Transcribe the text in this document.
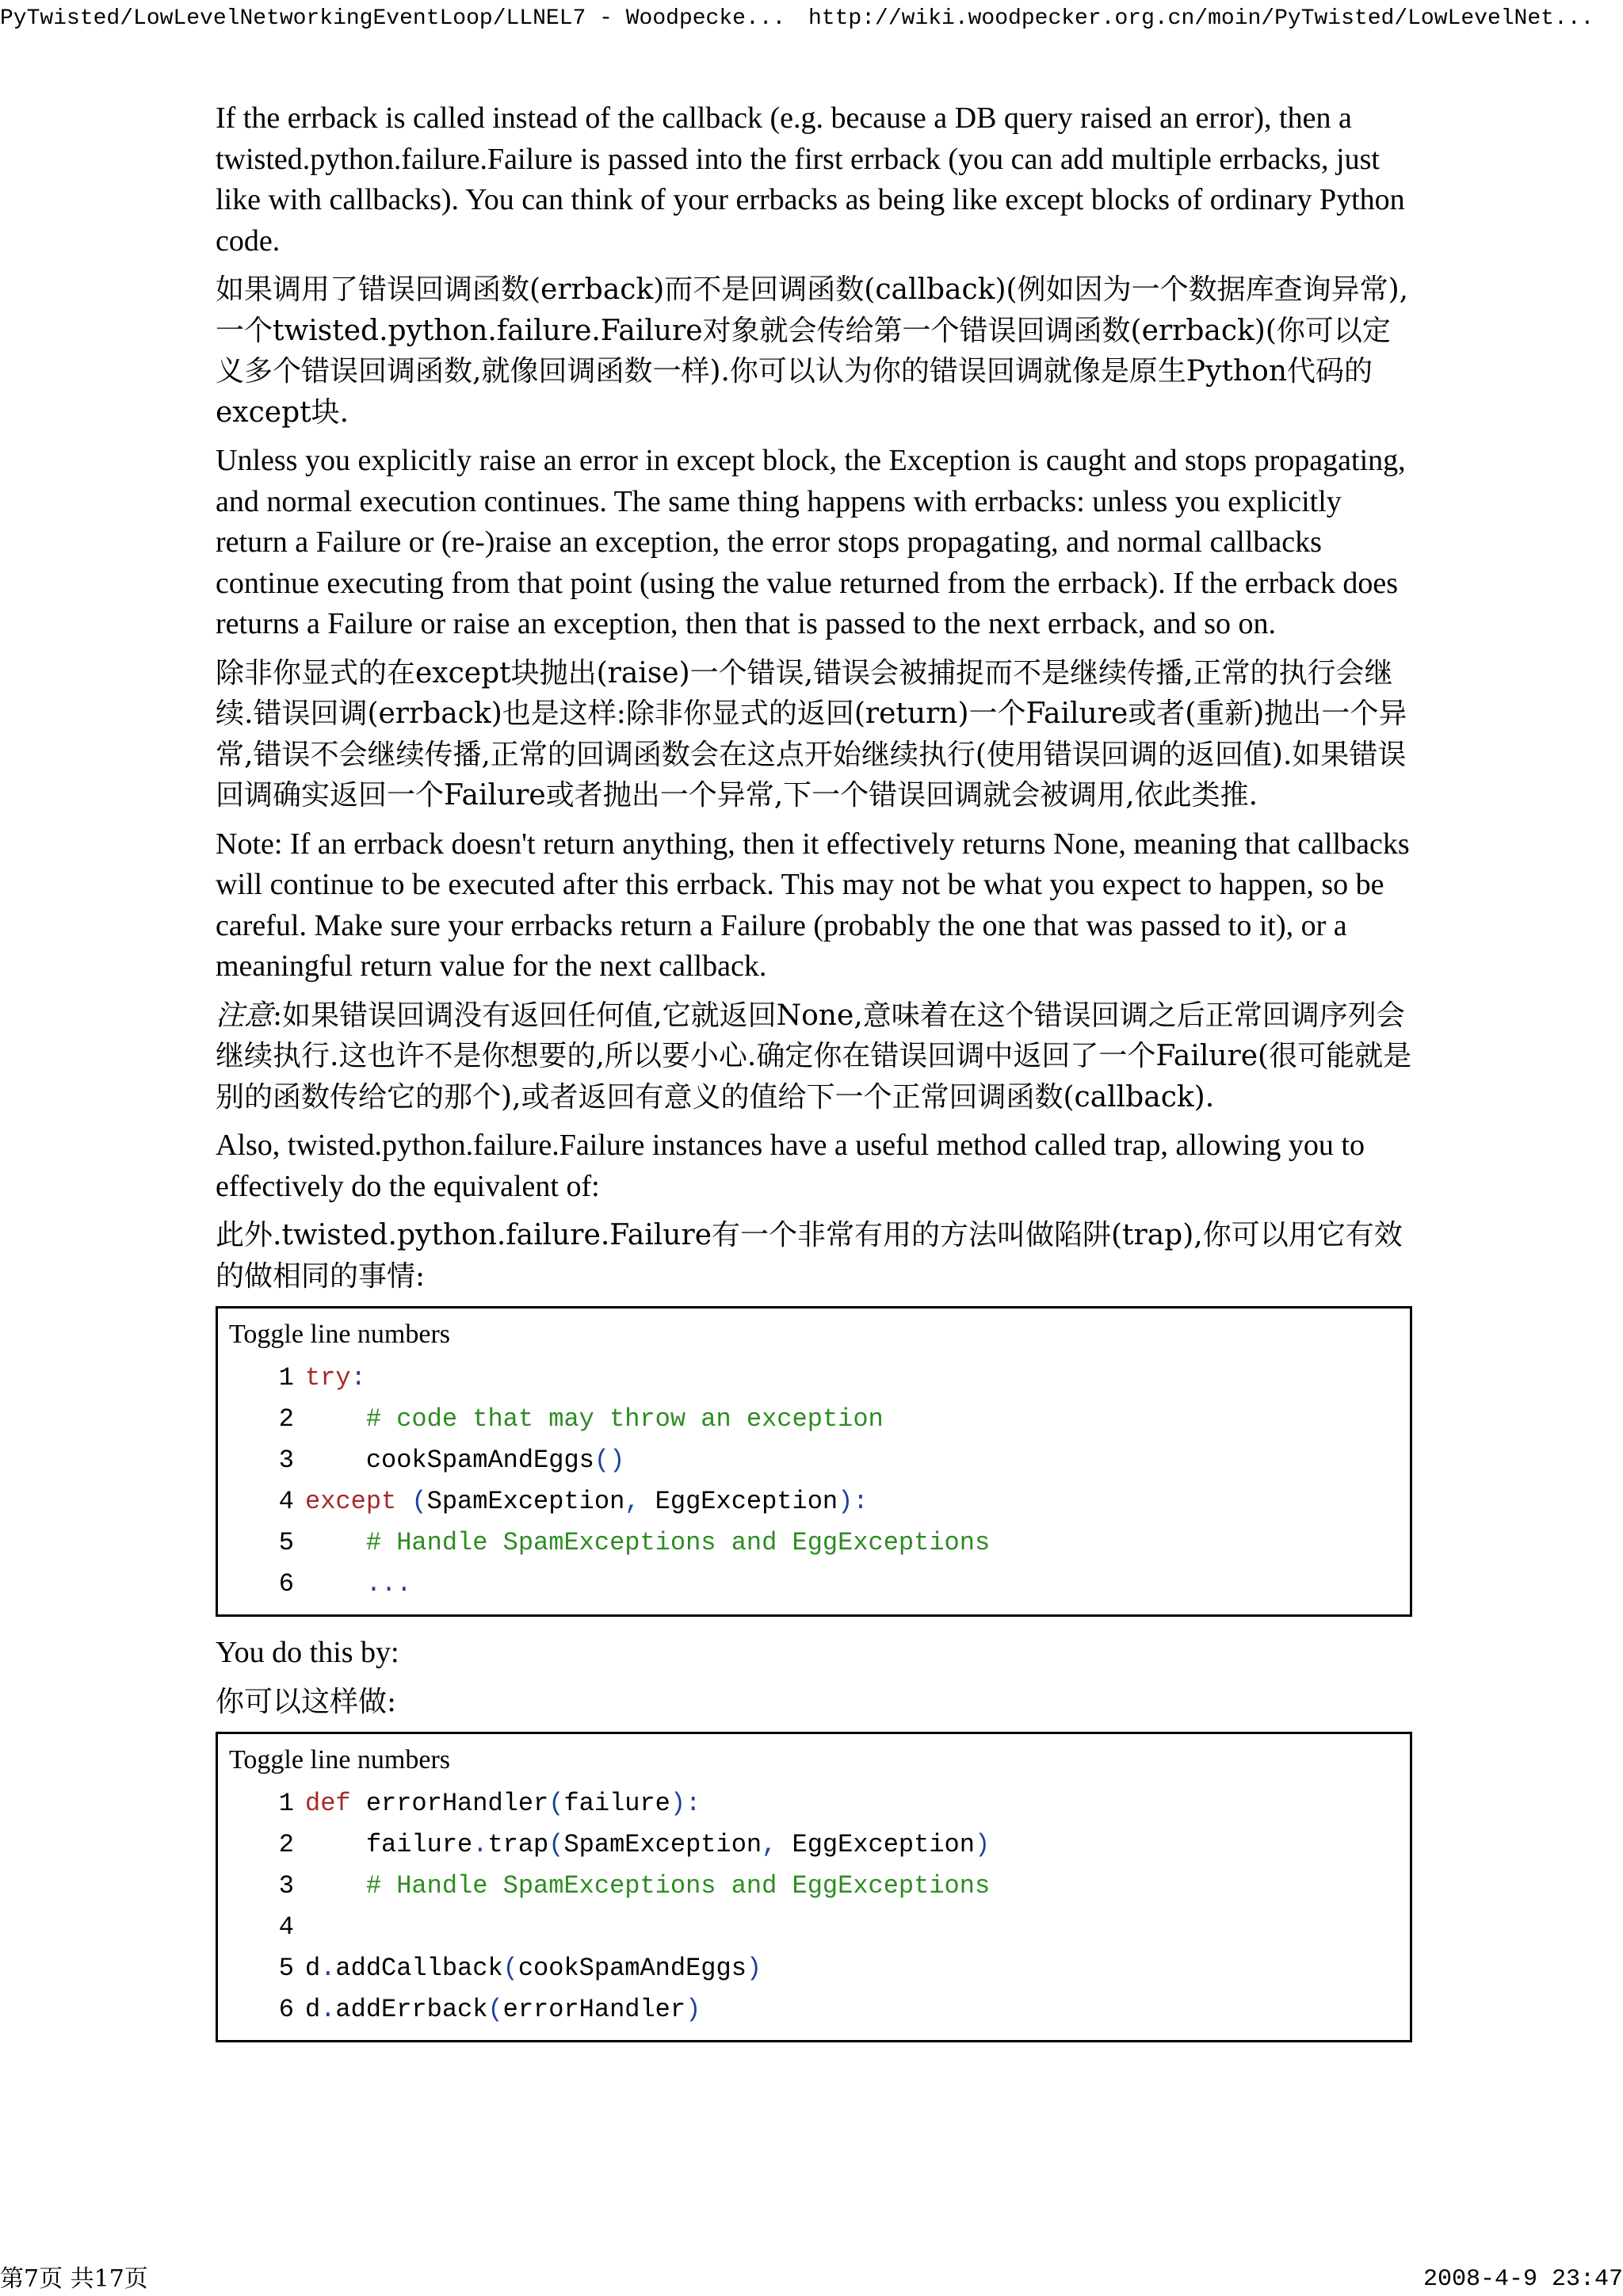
PyTwisted/LowLevelNetworkingEventLoop/LLNEL7 - Woodpecke... http://wiki.woodpecker.org.cn/moin/PyTwisted/LowLevelNet...

If the errback is called instead of the callback (e.g. because a DB query raised an error), then a twisted.python.failure.Failure is passed into the first errback (you can add multiple errbacks, just like with callbacks). You can think of your errbacks as being like except blocks of ordinary Python code.

如果调用了错误回调函数(errback)而不是回调函数(callback)(例如因为一个数据库查询异常),一个twisted.python.failure.Failure对象就会传给第一个错误回调函数(errback)(你可以定义多个错误回调函数,就像回调函数一样).你可以认为你的错误回调就像是原生Python代码的except块.

Unless you explicitly raise an error in except block, the Exception is caught and stops propagating, and normal execution continues. The same thing happens with errbacks: unless you explicitly return a Failure or (re-)raise an exception, the error stops propagating, and normal callbacks continue executing from that point (using the value returned from the errback). If the errback does returns a Failure or raise an exception, then that is passed to the next errback, and so on.

除非你显式的在except块抛出(raise)一个错误,错误会被捕捉而不是继续传播,正常的执行会继续.错误回调(errback)也是这样:除非你显式的返回(return)一个Failure或者(重新)抛出一个异常,错误不会继续传播,正常的回调函数会在这点开始继续执行(使用错误回调的返回值).如果错误回调确实返回一个Failure或者抛出一个异常,下一个错误回调就会被调用,依此类推.

Note: If an errback doesn't return anything, then it effectively returns None, meaning that callbacks will continue to be executed after this errback. This may not be what you expect to happen, so be careful. Make sure your errbacks return a Failure (probably the one that was passed to it), or a meaningful return value for the next callback.

注意:如果错误回调没有返回任何值,它就返回None,意味着在这个错误回调之后正常回调序列会继续执行.这也许不是你想要的,所以要小心.确定你在错误回调中返回了一个Failure(很可能就是别的函数传给它的那个),或者返回有意义的值给下一个正常回调函数(callback).

Also, twisted.python.failure.Failure instances have a useful method called trap, allowing you to effectively do the equivalent of:

此外.twisted.python.failure.Failure有一个非常有用的方法叫做陷阱(trap),你可以用它有效的做相同的事情:

Toggle line numbers
1 try:
2	# code that may throw an exception
3    cookSpamAndEggs()
4 except (SpamException, EggException):
5	# Handle SpamExceptions and EggExceptions
6	...

You do this by:

你可以这样做:

Toggle line numbers
1 def errorHandler(failure):
2    failure.trap(SpamException, EggException)
3	# Handle SpamExceptions and EggExceptions
4
5 d.addCallback(cookSpamAndEggs)
6 d.addErrback(errorHandler)
第7页 共17页	2008-4-9 23:47
